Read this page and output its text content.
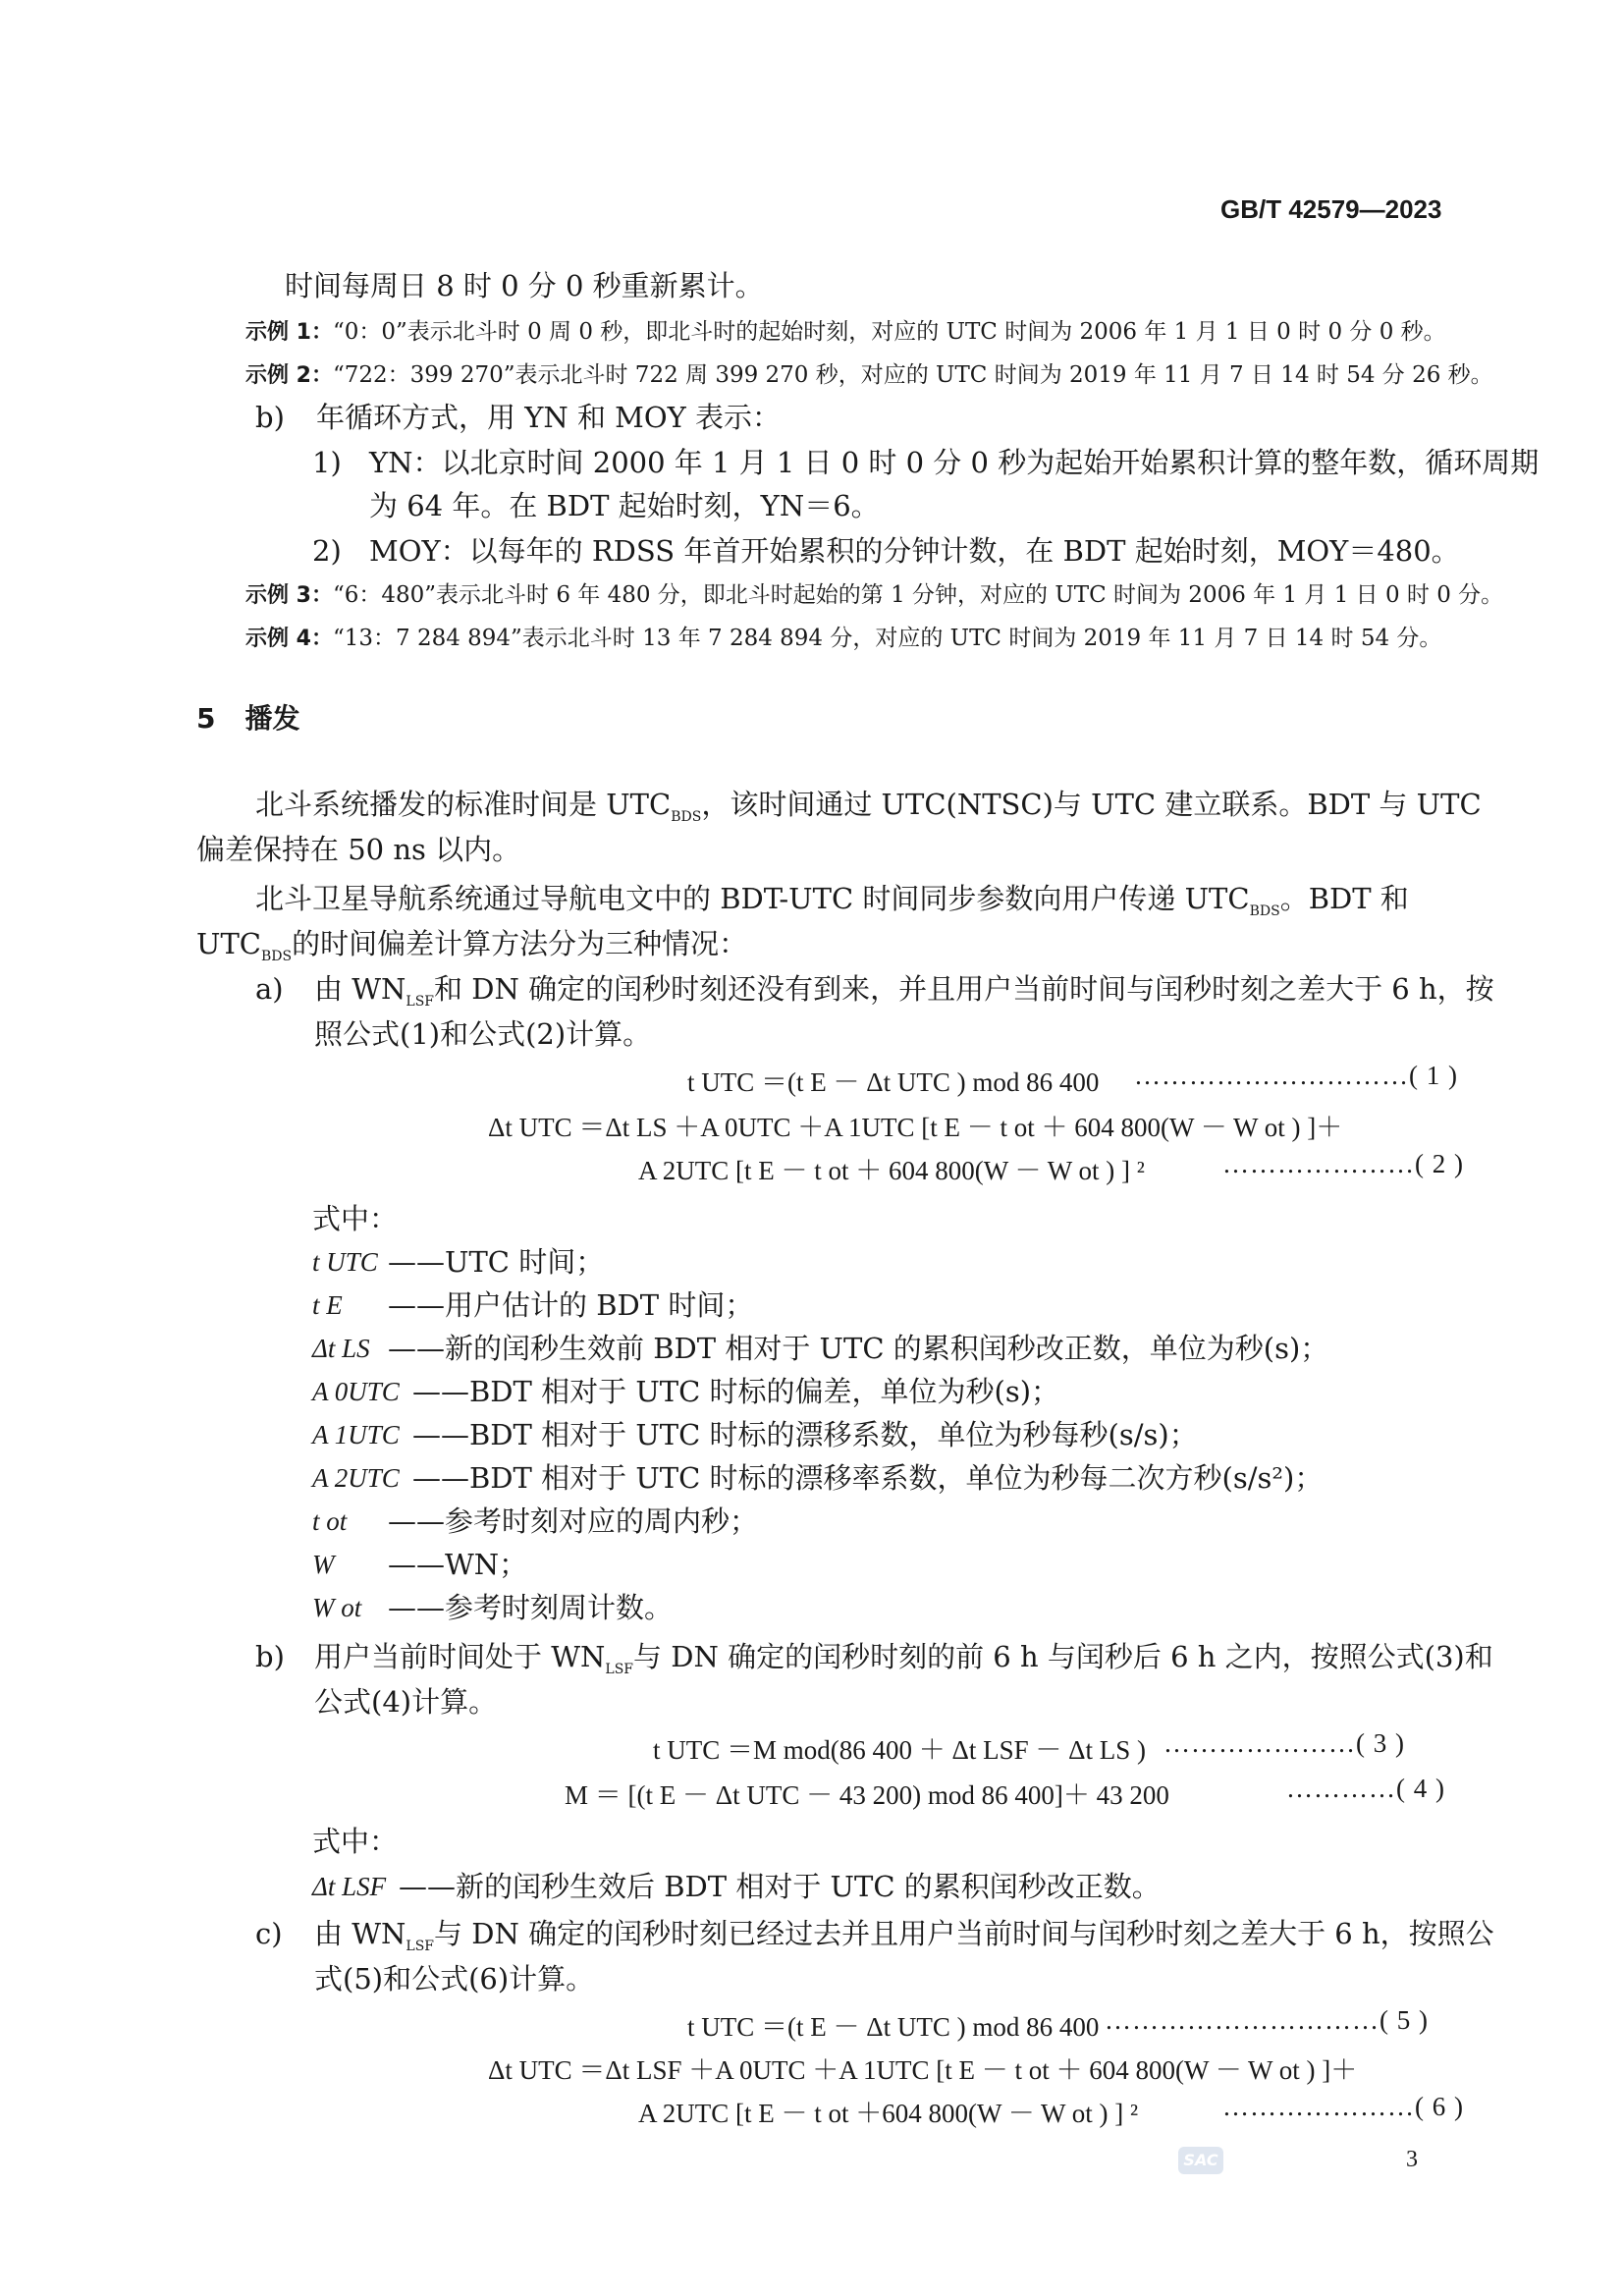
GB/T 42579—2023
时间每周日 8 时 0 分 0 秒重新累计。
示例 1：“0：0”表示北斗时 0 周 0 秒，即北斗时的起始时刻，对应的 UTC 时间为 2006 年 1 月 1 日 0 时 0 分 0 秒。
示例 2：“722：399 270”表示北斗时 722 周 399 270 秒，对应的 UTC 时间为 2019 年 11 月 7 日 14 时 54 分 26 秒。
b) 年循环方式，用 YN 和 MOY 表示：
1) YN：以北京时间 2000 年 1 月 1 日 0 时 0 分 0 秒为起始开始累积计算的整年数，循环周期
为 64 年。在 BDT 起始时刻，YN＝6。
2) MOY：以每年的 RDSS 年首开始累积的分钟计数，在 BDT 起始时刻，MOY＝480。
示例 3：“6：480”表示北斗时 6 年 480 分，即北斗时起始的第 1 分钟，对应的 UTC 时间为 2006 年 1 月 1 日 0 时 0 分。
示例 4：“13：7 284 894”表示北斗时 13 年 7 284 894 分，对应的 UTC 时间为 2019 年 11 月 7 日 14 时 54 分。
5 播发
北斗系统播发的标准时间是 $UTC_{BDS}$，该时间通过 UTC(NTSC)与 UTC 建立联系。BDT 与 UTC
偏差保持在 50 ns 以内。
北斗卫星导航系统通过导航电文中的 BDT-UTC 时间同步参数向用户传递 $UTC_{BDS}$。BDT 和
$UTC_{BDS}$的时间偏差计算方法分为三种情况：
a) 由 $WN_{LSF}$和 DN 确定的闰秒时刻还没有到来，并且用户当前时间与闰秒时刻之差大于 6 h，按
照公式(1)和公式(2)计算。
t UTC ＝(t E － Δt UTC ) mod 86 400 …………………………( 1 )
Δt UTC ＝Δt LS ＋A 0UTC ＋A 1UTC [t E － t ot ＋ 604 800(W － W ot ) ]＋
A 2UTC [t E － t ot ＋ 604 800(W － W ot ) ] ²	…………………( 2 )
式中：
t UTC ——UTC 时间；
t E ——用户估计的 BDT 时间；
Δt LS ——新的闰秒生效前 BDT 相对于 UTC 的累积闰秒改正数，单位为秒(s)；
A 0UTC ——BDT 相对于 UTC 时标的偏差，单位为秒(s)；
A 1UTC ——BDT 相对于 UTC 时标的漂移系数，单位为秒每秒(s/s)；
A 2UTC ——BDT 相对于 UTC 时标的漂移率系数，单位为秒每二次方秒(s/s²)；
t ot ——参考时刻对应的周内秒；
W ——WN；
W ot ——参考时刻周计数。
b) 用户当前时间处于 $WN_{LSF}$与 DN 确定的闰秒时刻的前 6 h 与闰秒后 6 h 之内，按照公式(3)和
公式(4)计算。
t UTC ＝M mod(86 400 ＋ Δt LSF － Δt LS ) …………………( 3 )
M ＝ [(t E － Δt UTC － 43 200) mod 86 400]＋ 43 200	…………( 4 )
式中：
Δt LSF ——新的闰秒生效后 BDT 相对于 UTC 的累积闰秒改正数。
c) 由 $WN_{LSF}$与 DN 确定的闰秒时刻已经过去并且用户当前时间与闰秒时刻之差大于 6 h，按照公
式(5)和公式(6)计算。
t UTC ＝(t E － Δt UTC ) mod 86 400 …………………………( 5 )
Δt UTC ＝Δt LSF ＋A 0UTC ＋A 1UTC [t E － t ot ＋ 604 800(W － W ot ) ]＋
A 2UTC [t E － t ot ＋604 800(W － W ot ) ] ²	…………………( 6 )
SAC	3
